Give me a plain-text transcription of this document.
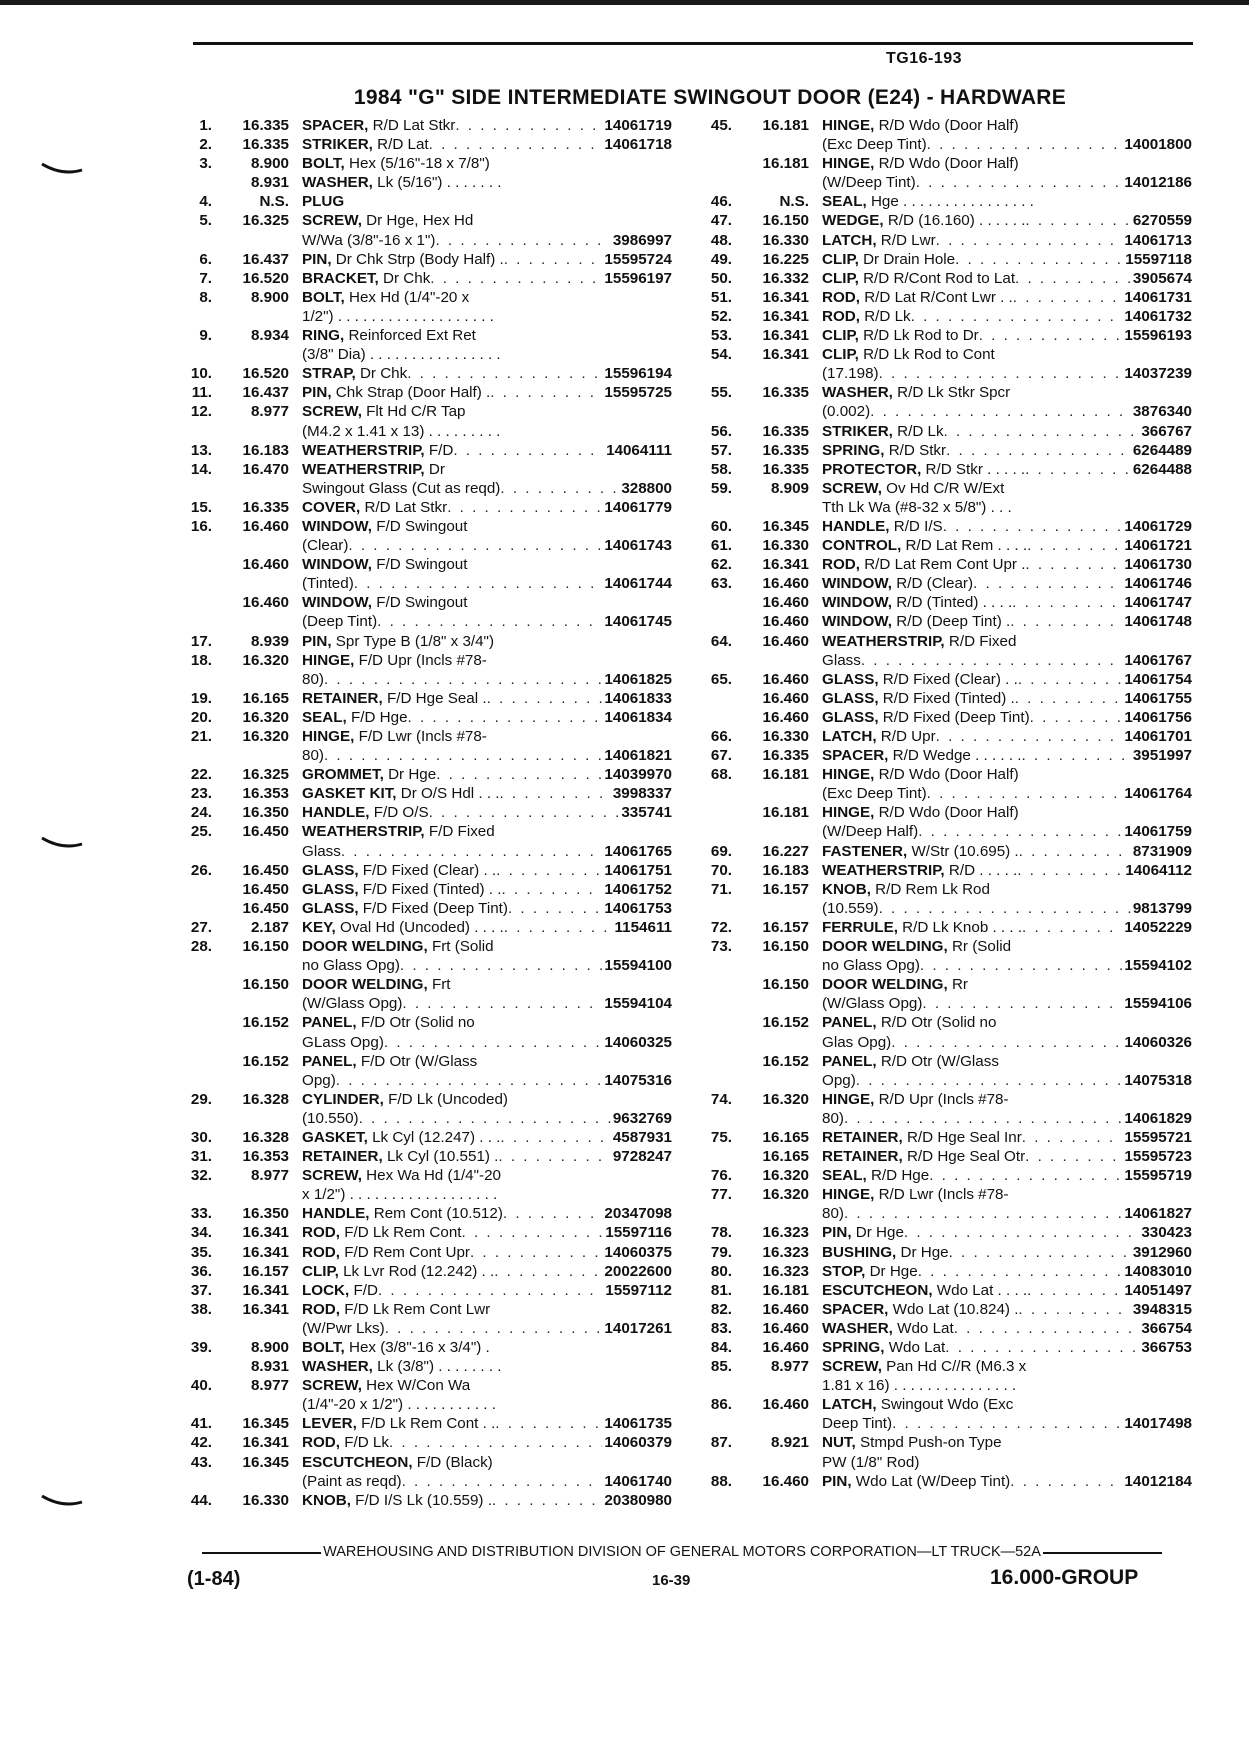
TG16-193
1984 "G" SIDE INTERMEDIATE SWINGOUT DOOR (E24) - HARDWARE
1.	16.335 SPACER, R/D Lat Stkr . . .	14061719
2.	16.335 STRIKER, R/D Lat . . .	14061718
3.	8.900 BOLT, Hex (5/16"-18 x 7/8")
8.931 WASHER, Lk (5/16") . . . . . . .
4.	N.S. PLUG
5.	16.325 SCREW, Dr Hge, Hex Hd
W/Wa (3/8"-16 x 1") . . .	3986997
6.	16.437 PIN, Dr Chk Strp (Body Half) . . . .	15595724
7.	16.520 BRACKET, Dr Chk . . .	15596197
8.	8.900 BOLT, Hex Hd (1/4"-20 x
1/2") . . . . . . . . . . . . . . . . . . .
9.	8.934 RING, Reinforced Ext Ret
(3/8" Dia) . . . . . . . . . . . . . . . .
10.	16.520 STRAP, Dr Chk . . .	15596194
11.	16.437 PIN, Chk Strap (Door Half) . . . .	15595725
12.	8.977 SCREW, Flt Hd C/R Tap
(M4.2 x 1.41 x 13) . . . . . . . . .
13.	16.183 WEATHERSTRIP, F/D . . .	14064111
14.	16.470 WEATHERSTRIP, Dr
Swingout Glass (Cut as reqd) . . .	328800
15.	16.335 COVER, R/D Lat Stkr . . .	14061779
16.	16.460 WINDOW, F/D Swingout
(Clear) . . .	14061743
16.460 WINDOW, F/D Swingout
(Tinted) . . .	14061744
16.460 WINDOW, F/D Swingout
(Deep Tint) . . .	14061745
17.	8.939 PIN, Spr Type B (1/8" x 3/4")
18.	16.320 HINGE, F/D Upr (Incls #78-
80) . . .	14061825
19.	16.165 RETAINER, F/D Hge Seal . . . .	14061833
20.	16.320 SEAL, F/D Hge . . .	14061834
21.	16.320 HINGE, F/D Lwr (Incls #78-
80) . . .	14061821
22.	16.325 GROMMET, Dr Hge . . .	14039970
23.	16.353 GASKET KIT, Dr O/S Hdl . . . . . .	3998337
24.	16.350 HANDLE, F/D O/S . . .	335741
25.	16.450 WEATHERSTRIP, F/D Fixed
Glass . . .	14061765
26.	16.450 GLASS, F/D Fixed (Clear) . . . . .	14061751
16.450 GLASS, F/D Fixed (Tinted) . . . . .	14061752
16.450 GLASS, F/D Fixed (Deep Tint) . . .	14061753
27.	2.187 KEY, Oval Hd (Uncoded) . . . . . . .	1154611
28.	16.150 DOOR WELDING, Frt (Solid
no Glass Opg) . . .	15594100
16.150 DOOR WELDING, Frt
(W/Glass Opg) . . .	15594104
16.152 PANEL, F/D Otr (Solid no
GLass Opg) . . .	14060325
16.152 PANEL, F/D Otr (W/Glass
Opg) . . .	14075316
29.	16.328 CYLINDER, F/D Lk (Uncoded)
(10.550) . . .	9632769
30.	16.328 GASKET, Lk Cyl (12.247) . . . . . .	4587931
31.	16.353 RETAINER, Lk Cyl (10.551) . . . .	9728247
32.	8.977 SCREW, Hex Wa Hd (1/4"-20
x 1/2") . . . . . . . . . . . . . . . . . .
33.	16.350 HANDLE, Rem Cont (10.512) . . .	20347098
34.	16.341 ROD, F/D Lk Rem Cont . . .	15597116
35.	16.341 ROD, F/D Rem Cont Upr . . .	14060375
36.	16.157 CLIP, Lk Lvr Rod (12.242) . . . . .	20022600
37.	16.341 LOCK, F/D . . .	15597112
38.	16.341 ROD, F/D Lk Rem Cont Lwr
(W/Pwr Lks) . . .	14017261
39.	8.900 BOLT, Hex (3/8"-16 x 3/4") .
8.931 WASHER, Lk (3/8") . . . . . . . .
40.	8.977 SCREW, Hex W/Con Wa
(1/4"-20 x 1/2") . . . . . . . . . . .
41.	16.345 LEVER, F/D Lk Rem Cont . . . . .	14061735
42.	16.341 ROD, F/D Lk . . .	14060379
43.	16.345 ESCUTCHEON, F/D (Black)
(Paint as reqd) . . .	14061740
44.	16.330 KNOB, F/D I/S Lk (10.559) . . . .	20380980
45.	16.181 HINGE, R/D Wdo (Door Half)
(Exc Deep Tint) . . .	14001800
16.181 HINGE, R/D Wdo (Door Half)
(W/Deep Tint) . . .	14012186
46.	N.S. SEAL, Hge . . . . . . . . . . . . . . . .
47.	16.150 WEDGE, R/D (16.160) . . . . . . . . .	6270559
48.	16.330 LATCH, R/D Lwr . . .	14061713
49.	16.225 CLIP, Dr Drain Hole . . .	15597118
50.	16.332 CLIP, R/D R/Cont Rod to Lat . . .	3905674
51.	16.341 ROD, R/D Lat R/Cont Lwr . . . . .	14061731
52.	16.341 ROD, R/D Lk . . .	14061732
53.	16.341 CLIP, R/D Lk Rod to Dr . . .	15596193
54.	16.341 CLIP, R/D Lk Rod to Cont
(17.198) . . .	14037239
55.	16.335 WASHER, R/D Lk Stkr Spcr
(0.002) . . .	3876340
56.	16.335 STRIKER, R/D Lk . . .	366767
57.	16.335 SPRING, R/D Stkr . . .	6264489
58.	16.335 PROTECTOR, R/D Stkr . . . . . . . .	6264488
59.	8.909 SCREW, Ov Hd C/R W/Ext
Tth Lk Wa (#8-32 x 5/8") . . .
60.	16.345 HANDLE, R/D I/S . . .	14061729
61.	16.330 CONTROL, R/D Lat Rem . . . . . . .	14061721
62.	16.341 ROD, R/D Lat Rem Cont Upr . . . .	14061730
63.	16.460 WINDOW, R/D (Clear) . . .	14061746
16.460 WINDOW, R/D (Tinted) . . . . . . .	14061747
16.460 WINDOW, R/D (Deep Tint) . . . .	14061748
64.	16.460 WEATHERSTRIP, R/D Fixed
Glass . . .	14061767
65.	16.460 GLASS, R/D Fixed (Clear) . . . . .	14061754
16.460 GLASS, R/D Fixed (Tinted) . . . .	14061755
16.460 GLASS, R/D Fixed (Deep Tint) . . .	14061756
66.	16.330 LATCH, R/D Upr . . .	14061701
67.	16.335 SPACER, R/D Wedge . . . . . . . . .	3951997
68.	16.181 HINGE, R/D Wdo (Door Half)
(Exc Deep Tint) . . .	14061764
16.181 HINGE, R/D Wdo (Door Half)
(W/Deep Half) . . .	14061759
69.	16.227 FASTENER, W/Str (10.695) . . . .	8731909
70.	16.183 WEATHERSTRIP, R/D . . . . . . . .	14064112
71.	16.157 KNOB, R/D Rem Lk Rod
(10.559) . . .	9813799
72.	16.157 FERRULE, R/D Lk Knob . . . . . . .	14052229
73.	16.150 DOOR WELDING, Rr (Solid
no Glass Opg) . . .	15594102
16.150 DOOR WELDING, Rr
(W/Glass Opg) . . .	15594106
16.152 PANEL, R/D Otr (Solid no
Glas Opg) . . .	14060326
16.152 PANEL, R/D Otr (W/Glass
Opg) . . .	14075318
74.	16.320 HINGE, R/D Upr (Incls #78-
80) . . .	14061829
75.	16.165 RETAINER, R/D Hge Seal Inr . . .	15595721
16.165 RETAINER, R/D Hge Seal Otr . . .	15595723
76.	16.320 SEAL, R/D Hge . . .	15595719
77.	16.320 HINGE, R/D Lwr (Incls #78-
80) . . .	14061827
78.	16.323 PIN, Dr Hge . . .	330423
79.	16.323 BUSHING, Dr Hge . . .	3912960
80.	16.323 STOP, Dr Hge . . .	14083010
81.	16.181 ESCUTCHEON, Wdo Lat . . . . . . .	14051497
82.	16.460 SPACER, Wdo Lat (10.824) . . . .	3948315
83.	16.460 WASHER, Wdo Lat . . .	366754
84.	16.460 SPRING, Wdo Lat . . .	366753
85.	8.977 SCREW, Pan Hd C//R (M6.3 x
1.81 x 16) . . . . . . . . . . . . . . .
86.	16.460 LATCH, Swingout Wdo (Exc
Deep Tint) . . .	14017498
87.	8.921 NUT, Stmpd Push-on Type
PW (1/8" Rod)
88.	16.460 PIN, Wdo Lat (W/Deep Tint) . . .	14012184
WAREHOUSING AND DISTRIBUTION DIVISION OF GENERAL MOTORS CORPORATION—LT TRUCK—52A
(1-84)	16-39	16.000-GROUP
